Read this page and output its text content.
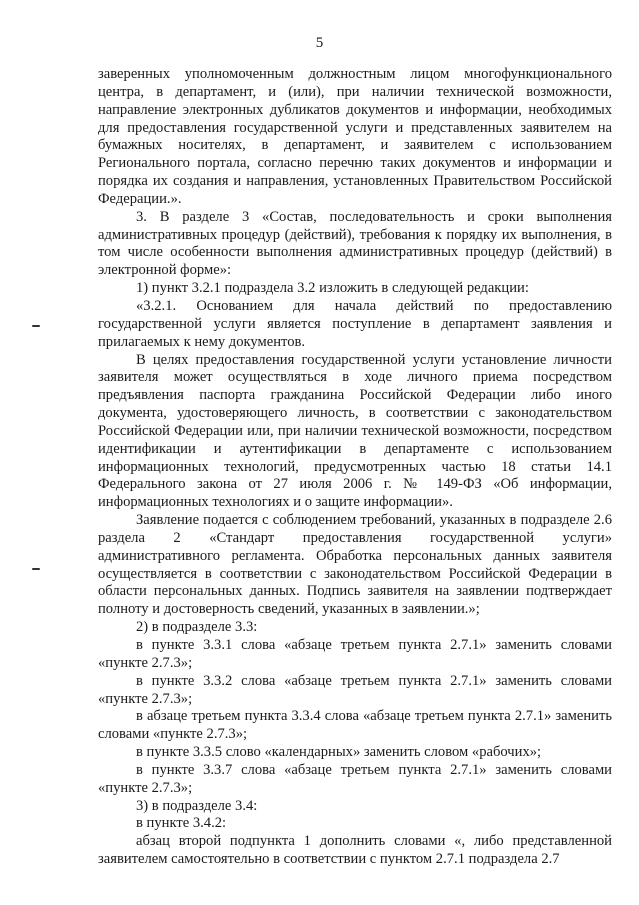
5

заверенных уполномоченным должностным лицом многофункционального центра, в департамент, и (или), при наличии технической возможности, направление электронных дубликатов документов и информации, необходимых для предоставления государственной услуги и представленных заявителем на бумажных носителях, в департамент, и заявителем с использованием Регионального портала, согласно перечню таких документов и информации и порядка их создания и направления, установленных Правительством Российской Федерации.».

3. В разделе 3 «Состав, последовательность и сроки выполнения административных процедур (действий), требования к порядку их выполнения, в том числе особенности выполнения административных процедур (действий) в электронной форме»:

1) пункт 3.2.1 подраздела 3.2 изложить в следующей редакции:

«3.2.1. Основанием для начала действий по предоставлению государственной услуги является поступление в департамент заявления и прилагаемых к нему документов.

В целях предоставления государственной услуги установление личности заявителя может осуществляться в ходе личного приема посредством предъявления паспорта гражданина Российской Федерации либо иного документа, удостоверяющего личность, в соответствии с законодательством Российской Федерации или, при наличии технической возможности, посредством идентификации и аутентификации в департаменте с использованием информационных технологий, предусмотренных частью 18 статьи 14.1 Федерального закона от 27 июля 2006 г. № 149-ФЗ «Об информации, информационных технологиях и о защите информации».

Заявление подается с соблюдением требований, указанных в подразделе 2.6 раздела 2 «Стандарт предоставления государственной услуги» административного регламента. Обработка персональных данных заявителя осуществляется в соответствии с законодательством Российской Федерации в области персональных данных. Подпись заявителя на заявлении подтверждает полноту и достоверность сведений, указанных в заявлении.»;

2) в подразделе 3.3:

в пункте 3.3.1 слова «абзаце третьем пункта 2.7.1» заменить словами «пункте 2.7.3»;

в пункте 3.3.2 слова «абзаце третьем пункта 2.7.1» заменить словами «пункте 2.7.3»;

в абзаце третьем пункта 3.3.4 слова «абзаце третьем пункта 2.7.1» заменить словами «пункте 2.7.3»;

в пункте 3.3.5 слово «календарных» заменить словом «рабочих»;

в пункте 3.3.7 слова «абзаце третьем пункта 2.7.1» заменить словами «пункте 2.7.3»;

3) в подразделе 3.4:

в пункте 3.4.2:

абзац второй подпункта 1 дополнить словами «, либо представленной заявителем самостоятельно в соответствии с пунктом 2.7.1 подраздела 2.7
